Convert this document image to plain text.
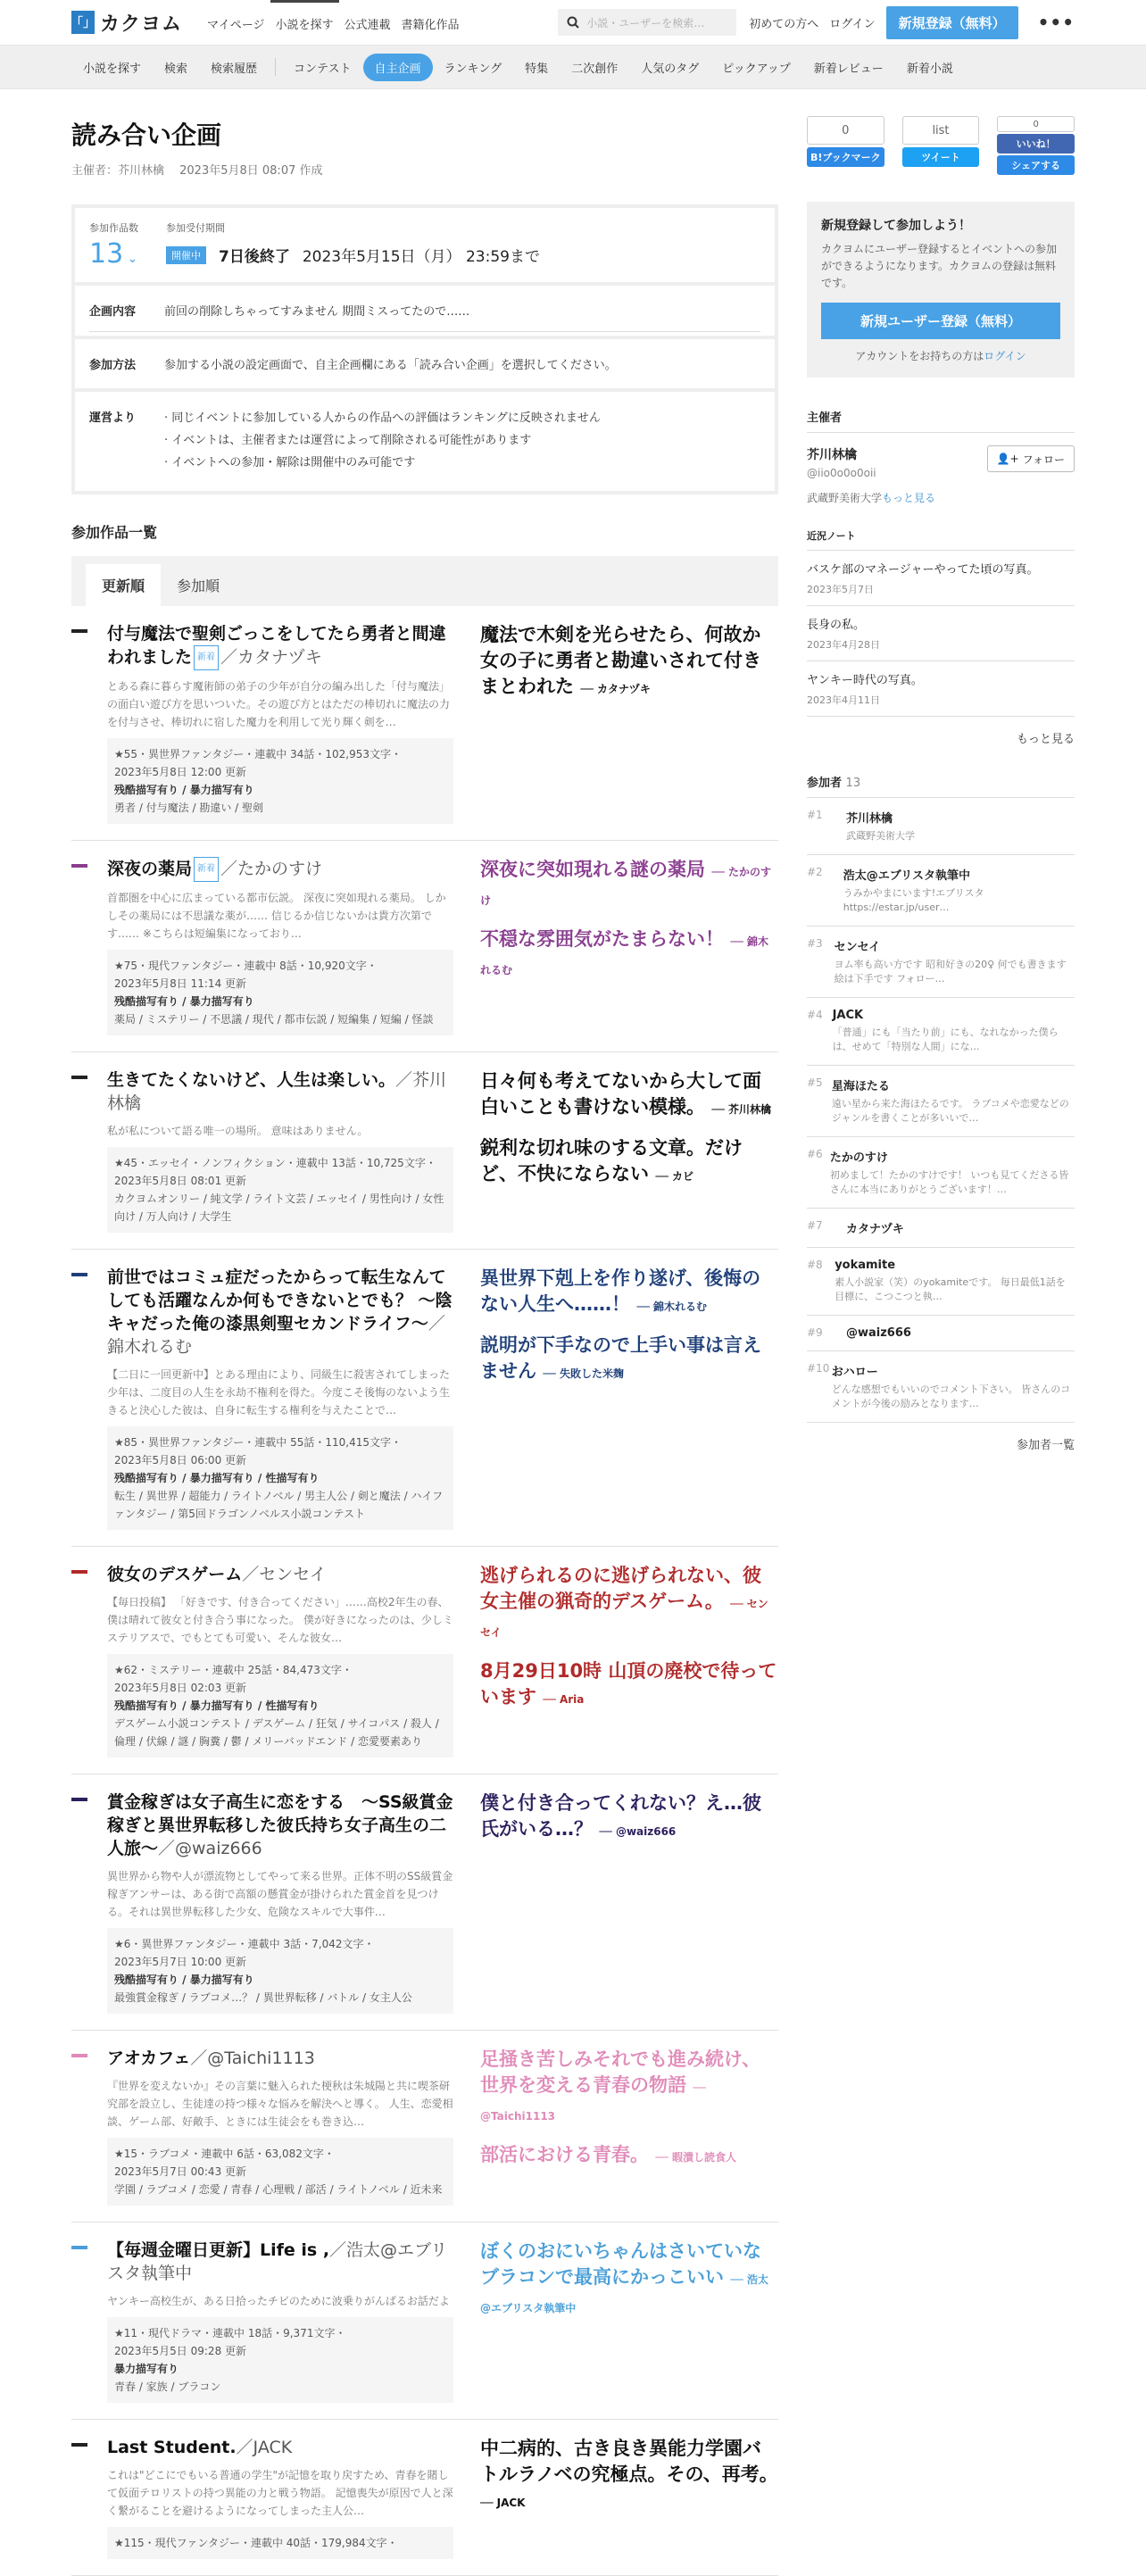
「」 カクヨム	マイページ 小説を探す 公式連載 書籍化作品	小説・ユーザーを検索…	初めての方へ ログイン	新規登録（無料）	•••
小説を探す	検索	検索履歴	コンテスト	自主企画	ランキング	特集	二次創作	人気のタグ	ピックアップ	新着レビュー	新着小説
読み合い企画
主催者：芥川林檎　 2023年5月8日 08:07 作成
参加作品数
13 ⌄
参加受付期間
開催中	7日後終了 2023年5月15日（月） 23:59まで
企画内容	前回の削除しちゃってすみません 期間ミスってたので……
参加方法	参加する小説の設定画面で、自主企画欄にある「読み合い企画」を選択してください。
運営より	· 同じイベントに参加している人からの作品への評価はランキングに反映されません
· イベントは、主催者または運営によって削除される可能性があります
· イベントへの参加・解除は開催中のみ可能です
参加作品一覧
更新順	参加順
付与魔法で聖剣ごっこをしてたら勇者と間違われました 新着 ／カタナヅキ
とある森に暮らす魔術師の弟子の少年が自分の編み出した「付与魔法」の面白い遊び方を思いついた。その遊び方とはただの棒切れに魔法の力を付与させ、棒切れに宿した魔力を利用して光り輝く剣を…
★55・異世界ファンタジー・連載中 34話・102,953文字・
2023年5月8日 12:00 更新
残酷描写有り / 暴力描写有り
勇者 / 付与魔法 / 勘違い / 聖剣
魔法で木剣を光らせたら、何故か女の子に勇者と勘違いされて付きまとわれた ── カタナヅキ
深夜の薬局 新着 ／たかのすけ
首都圏を中心に広まっている都市伝説。 深夜に突如現れる薬局。 しかしその薬局には不思議な薬が…… 信じるか信じないかは貴方次第です…… ※こちらは短編集になっており…
★75・現代ファンタジー・連載中 8話・10,920文字・
2023年5月8日 11:14 更新
残酷描写有り / 暴力描写有り
薬局 / ミステリー / 不思議 / 現代 / 都市伝説 / 短編集 / 短編 / 怪談
深夜に突如現れる謎の薬局 ── たかのすけ
不穏な雰囲気がたまらない！ ── 錦木れるむ
生きてたくないけど、人生は楽しい。／芥川林檎
私が私について語る唯一の場所。 意味はありません。
★45・エッセイ・ノンフィクション・連載中 13話・10,725文字・
2023年5月8日 08:01 更新
カクヨムオンリー / 純文学 / ライト文芸 / エッセイ / 男性向け / 女性向け / 万人向け / 大学生
日々何も考えてないから大して面白いことも書けない模様。 ── 芥川林檎
鋭利な切れ味のする文章。だけど、不快にならない ── カビ
前世ではコミュ症だったからって転生なんてしても活躍なんか何もできないとでも？ ～陰キャだった俺の漆黒剣聖セカンドライフ～／錦木れるむ
【二日に一回更新中】とある理由により、同級生に殺害されてしまった少年は、二度目の人生を永劫不権利を得た。今度こそ後悔のないよう生きると決心した彼は、自身に転生する権利を与えたことで…
★85・異世界ファンタジー・連載中 55話・110,415文字・
2023年5月8日 06:00 更新
残酷描写有り / 暴力描写有り / 性描写有り
転生 / 異世界 / 超能力 / ライトノベル / 男主人公 / 剣と魔法 / ハイファンタジー / 第5回ドラゴンノベルス小説コンテスト
異世界下剋上を作り遂げ、後悔のない人生へ……！ ── 錦木れるむ
説明が下手なので上手い事は言えません ── 失敗した米麹
彼女のデスゲーム／センセイ
【毎日投稿】 「好きです、付き合ってください」……高校2年生の春、僕は晴れて彼女と付き合う事になった。 僕が好きになったのは、少しミステリアスで、でもとても可愛い、そんな彼女…
★62・ミステリー・連載中 25話・84,473文字・
2023年5月8日 02:03 更新
残酷描写有り / 暴力描写有り / 性描写有り
デスゲーム小説コンテスト / デスゲーム / 狂気 / サイコパス / 殺人 / 倫理 / 伏線 / 謎 / 胸糞 / 鬱 / メリーバッドエンド / 恋愛要素あり
逃げられるのに逃げられない、彼女主催の猟奇的デスゲーム。 ── センセイ
8月29日10時 山頂の廃校で待っています ── Aria
賞金稼ぎは女子高生に恋をする　～SS級賞金稼ぎと異世界転移した彼氏持ち女子高生の二人旅～／@waiz666
異世界から物や人が漂流物としてやって来る世界。正体不明のSS級賞金稼ぎアンサーは、ある街で高額の懸賞金が掛けられた賞金首を見つける。それは異世界転移した少女、危険なスキルで大事件…
★6・異世界ファンタジー・連載中 3話・7,042文字・
2023年5月7日 10:00 更新
残酷描写有り / 暴力描写有り
最強賞金稼ぎ / ラブコメ…？ / 異世界転移 / バトル / 女主人公
僕と付き合ってくれない？え…彼氏がいる…？ ── @waiz666
アオカフェ／@Taichi1113
『世界を変えないか』その言葉に魅入られた梗秋は朱城陽と共に喫茶研究部を設立し、生徒達の持つ様々な悩みを解決へと導く。 人生、恋愛相談、ゲーム部、好敵手、ときには生徒会をも巻き込…
★15・ラブコメ・連載中 6話・63,082文字・
2023年5月7日 00:43 更新
学園 / ラブコメ / 恋愛 / 青春 / 心理戦 / 部活 / ライトノベル / 近未来
足掻き苦しみそれでも進み続け、世界を変える青春の物語 ── @Taichi1113
部活における青春。 ── 暇潰し読食人
【毎週金曜日更新】Life is ,／浩太@エブリスタ執筆中
ヤンキー高校生が、ある日拾ったチビのために波乗りがんばるお話だよ
★11・現代ドラマ・連載中 18話・9,371文字・
2023年5月5日 09:28 更新
暴力描写有り
青春 / 家族 / ブラコン
ぼくのおにいちゃんはさいていなブラコンで最高にかっこいい ── 浩太@エブリスタ執筆中
Last Student.／JACK
これは"どこにでもいる普通の学生"が記憶を取り戻すため、青春を賭して仮面テロリストの持つ異能の力と戦う物語。 記憶喪失が原因で人と深く繋がることを避けるようになってしまった主人公…
★115・現代ファンタジー・連載中 40話・179,984文字・
中二病的、古き良き異能力学園バトルラノベの究極点。その、再考。 ── JACK
0
B!ブックマーク
list
ツイート
0
いいね！
シェアする
新規登録して参加しよう！

カクヨムにユーザー登録するとイベントへの参加ができるようになります。カクヨムの登録は無料です。

新規ユーザー登録（無料）
アカウントをお持ちの方はログイン
主催者
芥川林檎
@iio0o0o0oii
👤+ フォロー
武蔵野美術大学もっと見る
近況ノート
バスケ部のマネージャーやってた頃の写真。
2023年5月7日
長身の私。
2023年4月28日
ヤンキー時代の写真。
2023年4月11日
もっと見る
参加者 13
#1	芥川林檎
武蔵野美術大学
#2	浩太@エブリスタ執筆中
うみかやまにいます!エブリスタ https://estar.jp/user…
#3 センセイ
ヨム率も高い方です 昭和好きの20♀ 何でも書きます 絵は下手です フォロー…
#4 JACK
「普通」にも「当たり前」にも、なれなかった僕らは、せめて「特別な人間」にな…
#5 星海ほたる
遠い星から来た海ほたるです。 ラブコメや恋愛などのジャンルを書くことが多いいで…
#6 たかのすけ
初めまして！たかのすけです！ いつも見てくださる皆さんに本当にありがとうございます！…
#7	カタナヅキ
#8	yokamite
素人小説家（笑）のyokamiteです。 毎日最低1話を目標に、こつこつと執…
#9	@waiz666
#10 おハロー
どんな感想でもいいのでコメント下さい。 皆さんのコメントが今後の励みとなります…
参加者一覧
